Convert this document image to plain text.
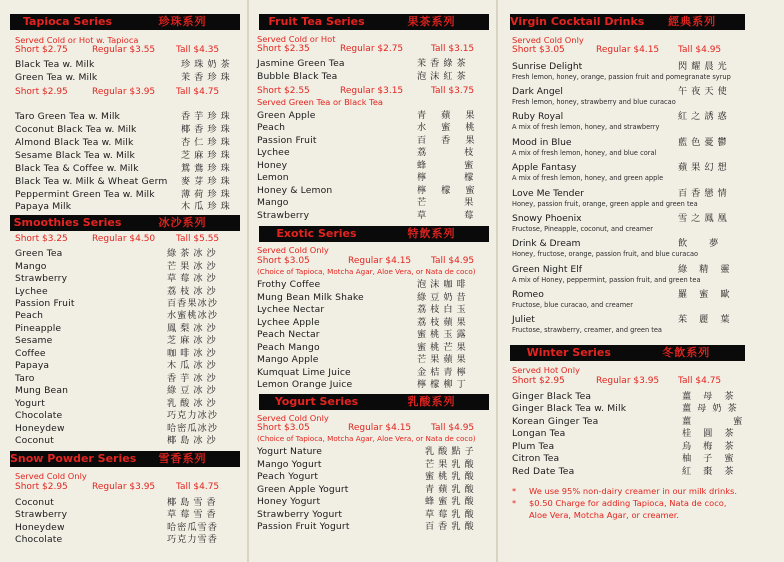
Tapioca Series	珍珠系列
Served Cold or Hot w. Tapioca
Short $2.75	Regular $3.55 Tall $4.35
Black Tea w. Milk	珍珠奶茶
Green Tea w. Milk	茉香珍珠
Short $2.95	Regular $3.95 Tall $4.75
Taro Green Tea w. Milk	香芋珍珠
Coconut Black Tea w. Milk	椰香珍珠
Almond Black Tea w. Milk	杏仁珍珠
Sesame Black Tea w. Milk	芝麻珍珠
Black Tea & Coffee w. Milk	鴛鴦珍珠
Black Tea w. Milk & Wheat Germ 麥芽珍珠
Peppermint Green Tea w. Milk	薄荷珍珠
Papaya Milk	木瓜珍珠
Smoothies Series	冰沙系列
Short $3.25	Regular $4.50 Tall $5.55
Green Tea	綠茶冰沙
Mango	芒果冰沙
Strawberry	草莓冰沙
Lychee	荔枝冰沙
Passion Fruit	百香果冰沙
Peach	水蜜桃冰沙
Pineapple	鳳梨冰沙
Sesame	芝麻冰沙
Coffee	咖啡冰沙
Papaya	木瓜冰沙
Taro	香芋冰沙
Mung Bean	綠豆冰沙
Yogurt	乳酸冰沙
Chocolate	巧克力冰沙
Honeydew	哈密瓜冰沙
Coconut	椰島冰沙
Snow Powder Series	雪香系列
Served Cold Only
Short $2.95	Regular $3.95 Tall $4.75
Coconut	椰島雪香
Strawberry	草莓雪香
Honeydew	哈密瓜雪香
Chocolate	巧克力雪香
Fruit Tea Series	果茶系列
Served Cold or Hot
Short $2.35	Regular $2.75	Tall $3.15
Jasmine Green Tea	茉香綠茶
Bubble Black Tea	泡沫紅茶
Short $2.55	Regular $3.15	Tall $3.75
Served Green Tea or Black Tea
Green Apple	青蘋果
Peach	水蜜桃
Passion Fruit	百香果
Lychee	荔枝
Honey	蜂蜜
Lemon	檸檬
Honey & Lemon	檸檬蜜
Mango	芒果
Strawberry	草莓
Exotic Series	特飲系列
Served Cold Only
Short $3.05	Regular $4.15 Tall $4.95
(Choice of Tapioca, Motcha Agar, Aloe Vera, or Nata de coco)
Frothy Coffee	泡沫咖啡
Mung Bean Milk Shake	綠豆奶昔
Lychee Nectar	荔枝白玉
Lychee Apple	荔枝蘋果
Peach Nectar	蜜桃玉露
Peach Mango	蜜桃芒果
Mango Apple	芒果蘋果
Kumquat Lime Juice	金桔青檸
Lemon Orange Juice	檸檬柳丁
Yogurt Series	乳酸系列
Served Cold Only
Short $3.05	Regular $4.15 Tall $4.95
(Choice of Tapioca, Motcha Agar, Aloe Vera, or Nata de coco)
Yogurt Nature	乳酸點子
Mango Yogurt	芒果乳酸
Peach Yogurt	蜜桃乳酸
Green Apple Yogurt	青蘋乳酸
Honey Yogurt	蜂蜜乳酸
Strawberry Yogurt	草莓乳酸
Passion Fruit Yogurt	百香乳酸
Virgin Cocktail Drinks	經典系列
Served Cold Only
Short $3.05	Regular $4.15 Tall $4.95
Sunrise Delight	閃耀晨光
Fresh lemon, honey, orange, passion fruit and pomegranate syrup
Dark Angel	午夜天使
Fresh lemon, honey, strawberry and blue curacao
Ruby Royal	紅之誘惑
A mix of fresh lemon, honey, and strawberry
Mood in Blue	藍色憂鬱
A mix of fresh lemon, honey, and blue coral
Apple Fantasy	蘋果幻想
A mix of fresh lemon, honey, and green apple
Love Me Tender	百香戀情
Honey, passion fruit, orange, green apple and green tea
Snowy Phoenix	雪之鳳凰
Fructose, Pineapple, coconut, and creamer
Drink & Dream	飲夢
Honey, fructose, orange, passion fruit, and blue curacao
Green Night Elf	綠精靈
A mix of Honey, peppermint, passion fruit, and green tea
Romeo	羅蜜歐
Fructose, blue curacao, and creamer
Juliet	茱麗葉
Fructose, strawberry, creamer, and green tea
Winter Series	冬飲系列
Served Hot Only
Short $2.95	Regular $3.95 Tall $4.75
Ginger Black Tea	薑母茶
Ginger Black Tea w. Milk	薑母奶茶
Korean Ginger Tea	薑蜜
Longan Tea	桂圓茶
Plum Tea	烏梅茶
Citron Tea	柚子蜜
Red Date Tea	紅棗茶
* We use 95% non-dairy creamer in our milk drinks.
* $0.50 Charge for adding Tapioca, Nata de coco,
Aloe Vera, Motcha Agar, or creamer.
